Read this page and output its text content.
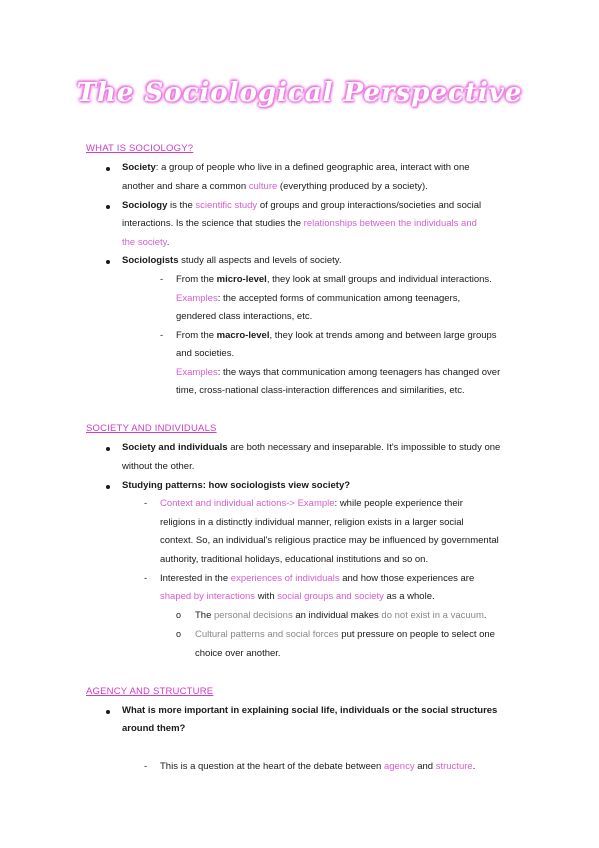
The Sociological Perspective
WHAT IS SOCIOLOGY?
Society: a group of people who live in a defined geographic area, interact with one
another and share a common culture (everything produced by a society).
Sociology is the scientific study of groups and group interactions/societies and social
interactions. Is the science that studies the relationships between the individuals and
the society.
Sociologists study all aspects and levels of society.
- From the micro-level, they look at small groups and individual interactions.
Examples: the accepted forms of communication among teenagers,
gendered class interactions, etc.
- From the macro-level, they look at trends among and between large groups
and societies.
Examples: the ways that communication among teenagers has changed over
time, cross-national class-interaction differences and similarities, etc.
SOCIETY AND INDIVIDUALS
Society and individuals are both necessary and inseparable. It's impossible to study one
without the other.
Studying patterns: how sociologists view society?
- Context and individual actions-> Example: while people experience their
religions in a distinctly individual manner, religion exists in a larger social
context. So, an individual's religious practice may be influenced by governmental
authority, traditional holidays, educational institutions and so on.
- Interested in the experiences of individuals and how those experiences are
shaped by interactions with social groups and society as a whole.
o The personal decisions an individual makes do not exist in a vacuum.
o Cultural patterns and social forces put pressure on people to select one
choice over another.
AGENCY AND STRUCTURE
What is more important in explaining social life, individuals or the social structures
around them?
- This is a question at the heart of the debate between agency and structure.
